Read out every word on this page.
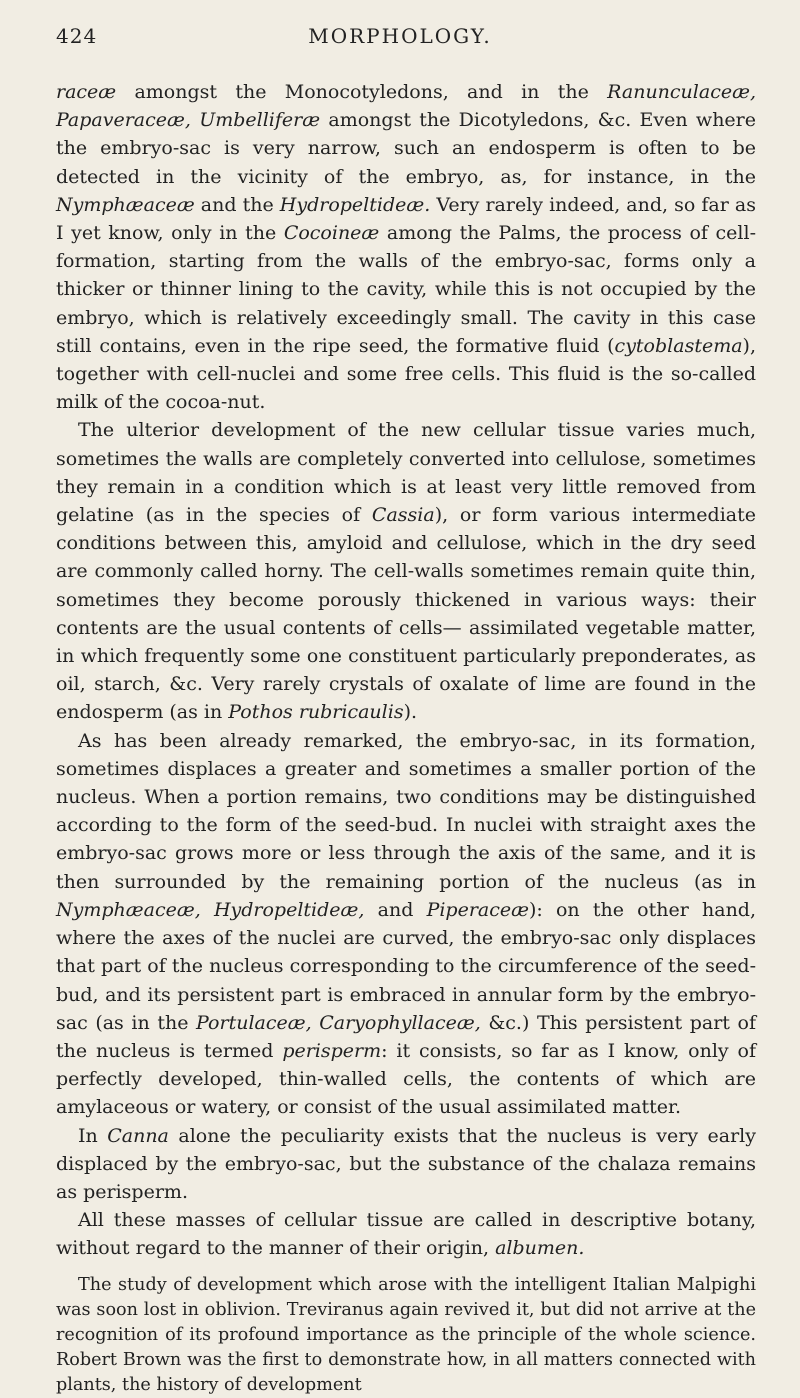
424	MORPHOLOGY.

raceæ amongst the Monocotyledons, and in the Ranunculaceæ, Papaveraceæ, Umbelliferæ amongst the Dicotyledons, &c. Even where the embryo-sac is very narrow, such an endosperm is often to be detected in the vicinity of the embryo, as, for instance, in the Nymphæaceæ and the Hydropeltideæ. Very rarely indeed, and, so far as I yet know, only in the Cocoineæ among the Palms, the process of cell-formation, starting from the walls of the embryo-sac, forms only a thicker or thinner lining to the cavity, while this is not occupied by the embryo, which is relatively exceedingly small. The cavity in this case still contains, even in the ripe seed, the formative fluid (cytoblastema), together with cell-nuclei and some free cells. This fluid is the so-called milk of the cocoa-nut.

The ulterior development of the new cellular tissue varies much, sometimes the walls are completely converted into cellulose, sometimes they remain in a condition which is at least very little removed from gelatine (as in the species of Cassia), or form various intermediate conditions between this, amyloid and cellulose, which in the dry seed are commonly called horny. The cell-walls sometimes remain quite thin, sometimes they become porously thickened in various ways: their contents are the usual contents of cells— assimilated vegetable matter, in which frequently some one constituent particularly preponderates, as oil, starch, &c. Very rarely crystals of oxalate of lime are found in the endosperm (as in Pothos rubricaulis).

As has been already remarked, the embryo-sac, in its formation, sometimes displaces a greater and sometimes a smaller portion of the nucleus. When a portion remains, two conditions may be distinguished according to the form of the seed-bud. In nuclei with straight axes the embryo-sac grows more or less through the axis of the same, and it is then surrounded by the remaining portion of the nucleus (as in Nymphæaceæ, Hydropeltideæ, and Piperaceæ): on the other hand, where the axes of the nuclei are curved, the embryo-sac only displaces that part of the nucleus corresponding to the circumference of the seed-bud, and its persistent part is embraced in annular form by the embryo-sac (as in the Portulaceæ, Caryophyllaceæ, &c.) This persistent part of the nucleus is termed perisperm: it consists, so far as I know, only of perfectly developed, thin-walled cells, the contents of which are amylaceous or watery, or consist of the usual assimilated matter.

In Canna alone the peculiarity exists that the nucleus is very early displaced by the embryo-sac, but the substance of the chalaza remains as perisperm.

All these masses of cellular tissue are called in descriptive botany, without regard to the manner of their origin, albumen.

The study of development which arose with the intelligent Italian Malpighi was soon lost in oblivion. Treviranus again revived it, but did not arrive at the recognition of its profound importance as the principle of the whole science. Robert Brown was the first to demonstrate how, in all matters connected with plants, the history of development
